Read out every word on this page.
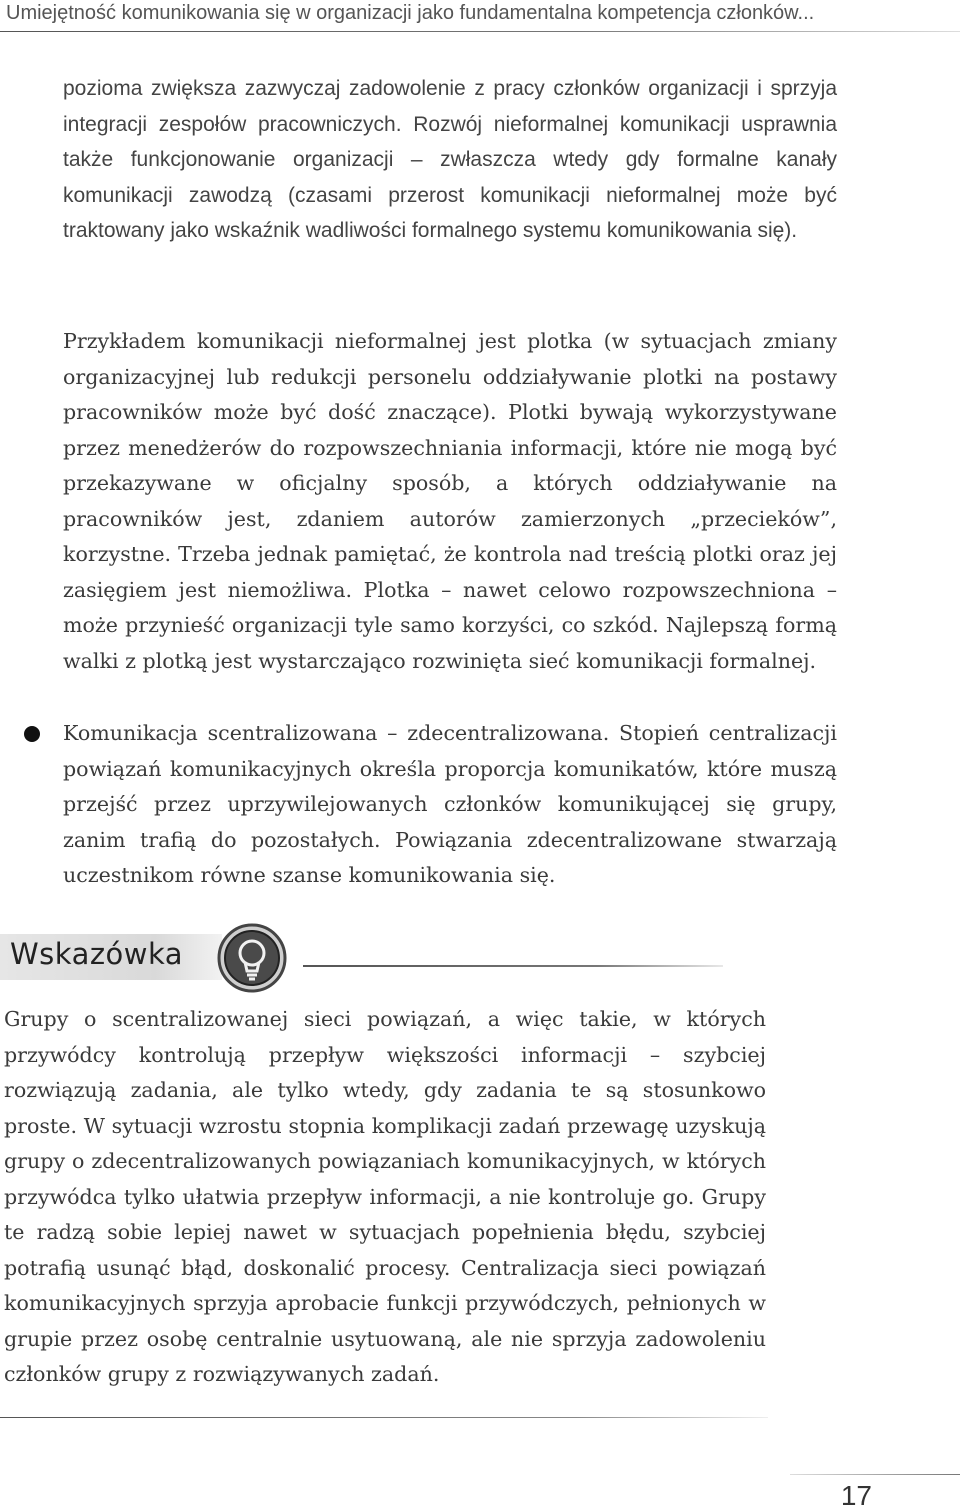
Umiejętność komunikowania się w organizacji jako fundamentalna kompetencja członków...

pozioma zwiększa zazwyczaj zadowolenie z pracy członków organizacji i sprzyja integracji zespołów pracowniczych. Rozwój nieformalnej komunikacji usprawnia także funkcjonowanie organizacji – zwłaszcza wtedy gdy formalne kanały komunikacji zawodzą (czasami przerost komunikacji nieformalnej może być traktowany jako wskaźnik wadliwości formalnego systemu komunikowania się).

Przykładem komunikacji nieformalnej jest plotka (w sytuacjach zmiany organizacyjnej lub redukcji personelu oddziaływanie plotki na postawy pracowników może być dość znaczące). Plotki bywają wykorzystywane przez menedżerów do rozpowszechniania informacji, które nie mogą być przekazywane w oficjalny sposób, a których oddziaływanie na pracowników jest, zdaniem autorów zamierzonych „przecieków”, korzystne. Trzeba jednak pamiętać, że kontrola nad treścią plotki oraz jej zasięgiem jest niemożliwa. Plotka – nawet celowo rozpowszechniona – może przynieść organizacji tyle samo korzyści, co szkód. Najlepszą formą walki z plotką jest wystarczająco rozwinięta sieć komunikacji formalnej.

Komunikacja scentralizowana – zdecentralizowana. Stopień centralizacji powiązań komunikacyjnych określa proporcja komunikatów, które muszą przejść przez uprzywilejowanych członków komunikującej się grupy, zanim trafią do pozostałych. Powiązania zdecentralizowane stwarzają uczestnikom równe szanse komunikowania się.

Wskazówka

Grupy o scentralizowanej sieci powiązań, a więc takie, w których przywódcy kontrolują przepływ większości informacji – szybciej rozwiązują zadania, ale tylko wtedy, gdy zadania te są stosunkowo proste. W sytuacji wzrostu stopnia komplikacji zadań przewagę uzyskują grupy o zdecentralizowanych powiązaniach komunikacyjnych, w których przywódca tylko ułatwia przepływ informacji, a nie kontroluje go. Grupy te radzą sobie lepiej nawet w sytuacjach popełnienia błędu, szybciej potrafią usunąć błąd, doskonalić procesy. Centralizacja sieci powiązań komunikacyjnych sprzyja aprobacie funkcji przywódczych, pełnionych w grupie przez osobę centralnie usytuowaną, ale nie sprzyja zadowoleniu członków grupy z rozwiązywanych zadań.

17
